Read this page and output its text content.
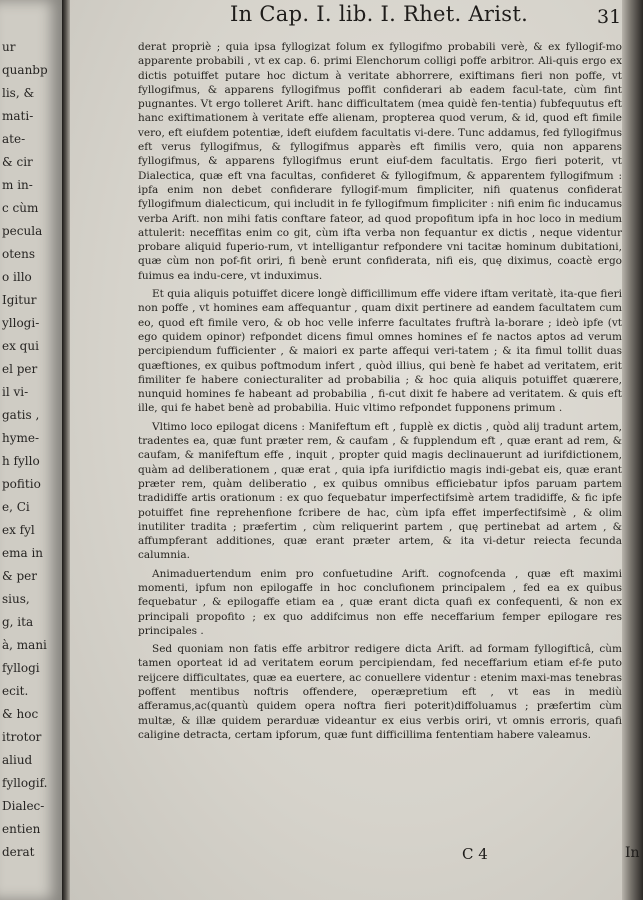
ur
quanbp
lis, &
mati-
ate-
& cir
m in-
c cùm
pecula
otens
o illo
Igitur
yllogi-
ex qui
el per
il vi-
gatis ,
hyme-
h fyllo
pofitio
e, Ci
ex fyl
ema in
& per
sius,
g, ita
à, mani
fyllogi
ecit.
& hoc
itrotor
aliud
fyllogif.
Dialec-
entien
derat
In Cap. I. lib. I. Rhet. Arist.	31

derat propriè ; quia ipsa fyllogizat folum ex fyllogifmo probabili verè, & ex fyllogif-mo apparente probabili , vt ex cap. 6. primi Elenchorum colligi poffe arbitror. Ali-quis ergo ex dictis potuiffet putare hoc dictum à veritate abhorrere, exiftimans fieri non poffe, vt fyllogifmus, & apparens fyllogifmus poffit confiderari ab eadem facul-tate, cùm fint pugnantes. Vt ergo tolleret Arift. hanc difficultatem (mea quidè fen-tentia) fubfequutus eft hanc exiftimationem à veritate effe alienam, propterea quod verum, & id, quod eft fimile vero, eft eiufdem potentiæ, ideft eiufdem facultatis vi-dere. Tunc addamus, fed fyllogifmus eft verus fyllogifmus, & fyllogifmus apparès eft fimilis vero, quia non apparens fyllogifmus, & apparens fyllogifmus erunt eiuf-dem facultatis. Ergo fieri poterit, vt Dialectica, quæ eft vna facultas, confideret & fyllogifmum, & apparentem fyllogifmum : ipfa enim non debet confiderare fyllogif-mum fimpliciter, nifi quatenus confiderat fyllogifmum dialecticum, qui includit in fe fyllogifmum fimpliciter : nifi enim fic inducamus verba Arift. non mihi fatis conftare fateor, ad quod propofitum ipfa in hoc loco in medium attulerit: neceffitas enim co git, cùm ifta verba non fequantur ex dictis , neque videntur probare aliquid fuperio-rum, vt intelligantur refpondere vni tacitæ hominum dubitationi, quæ cùm non pof-fit oriri, fi benè erunt confiderata, nifi eis, quę diximus, coactè ergo fuimus ea indu-cere, vt induximus.

Et quia aliquis potuiffet dicere longè difficillimum effe videre iftam veritatè, ita-que fieri non poffe , vt homines eam affequantur , quam dixit pertinere ad eandem facultatem cum eo, quod eft fimile vero, & ob hoc velle inferre facultates fruftrà la-borare ; ideò ipfe (vt ego quidem opinor) refpondet dicens fimul omnes homines eſ fe nactos aptos ad verum percipiendum fufficienter , & maiori ex parte affequi veri-tatem ; & ita fimul tollit duas quæftiones, ex quibus poftmodum infert , quòd illius, qui benè fe habet ad veritatem, erit fimiliter fe habere coniecturaliter ad probabilia ; & hoc quia aliquis potuiffet quærere, nunquid homines fe habeant ad probabilia , fi-cut dixit fe habere ad veritatem. & quis eft ille, qui fe habet benè ad probabilia. Huic vltimo refpondet fupponens primum .

Vltimo loco epilogat dicens : Manifeftum eft , fupplè ex dictis , quòd alij tradunt artem, tradentes ea, quæ funt præter rem, & caufam , & fupplendum eft , quæ erant ad rem, & caufam, & manifeftum effe , inquit , propter quid magis declinauerunt ad iurifdictionem, quàm ad deliberationem , quæ erat , quia ipfa iurifdictio magis indi-gebat eis, quæ erant præter rem, quàm deliberatio , ex quibus omnibus efficiebatur ipfos paruam partem tradidiffe artis orationum : ex quo fequebatur imperfectifsimè artem tradidiffe, & fic ipfe potuiffet fine reprehenfione fcribere de hac, cùm ipfa effet imperfectifsimè , & olim inutiliter tradita ; præfertim , cùm reliquerint partem , quę pertinebat ad artem , & affumpferant additiones, quæ erant præter artem, & ita vi-detur reiecta fecunda calumnia.

Animaduertendum enim pro confuetudine Arift. cognofcenda , quæ eft maximi momenti, ipfum non epilogaffe in hoc conclufionem principalem , fed ea ex quibus fequebatur , & epilogaffe etiam ea , quæ erant dicta quafi ex confequenti, & non ex principali propofito ; ex quo addifcimus non effe neceffarium femper epilogare res principales .

Sed quoniam non fatis effe arbitror redigere dicta Arift. ad formam fyllogifticâ, cùm tamen oporteat id ad veritatem eorum percipiendam, fed neceffarium etiam ef-fe puto reijcere difficultates, quæ ea euertere, ac conuellere videntur : etenim maxi-mas tenebras poffent mentibus noftris offendere, operæpretium eft , vt eas in mediù afferamus,ac(quantù quidem opera noftra fieri poterit)diffoluamus ; præfertim cùm multæ, & illæ quidem perarduæ videantur ex eius verbis oriri, vt omnis erroris, quafi caligine detracta, certam ipforum, quæ funt difficillima fententiam habere valeamus.

C 4	In
